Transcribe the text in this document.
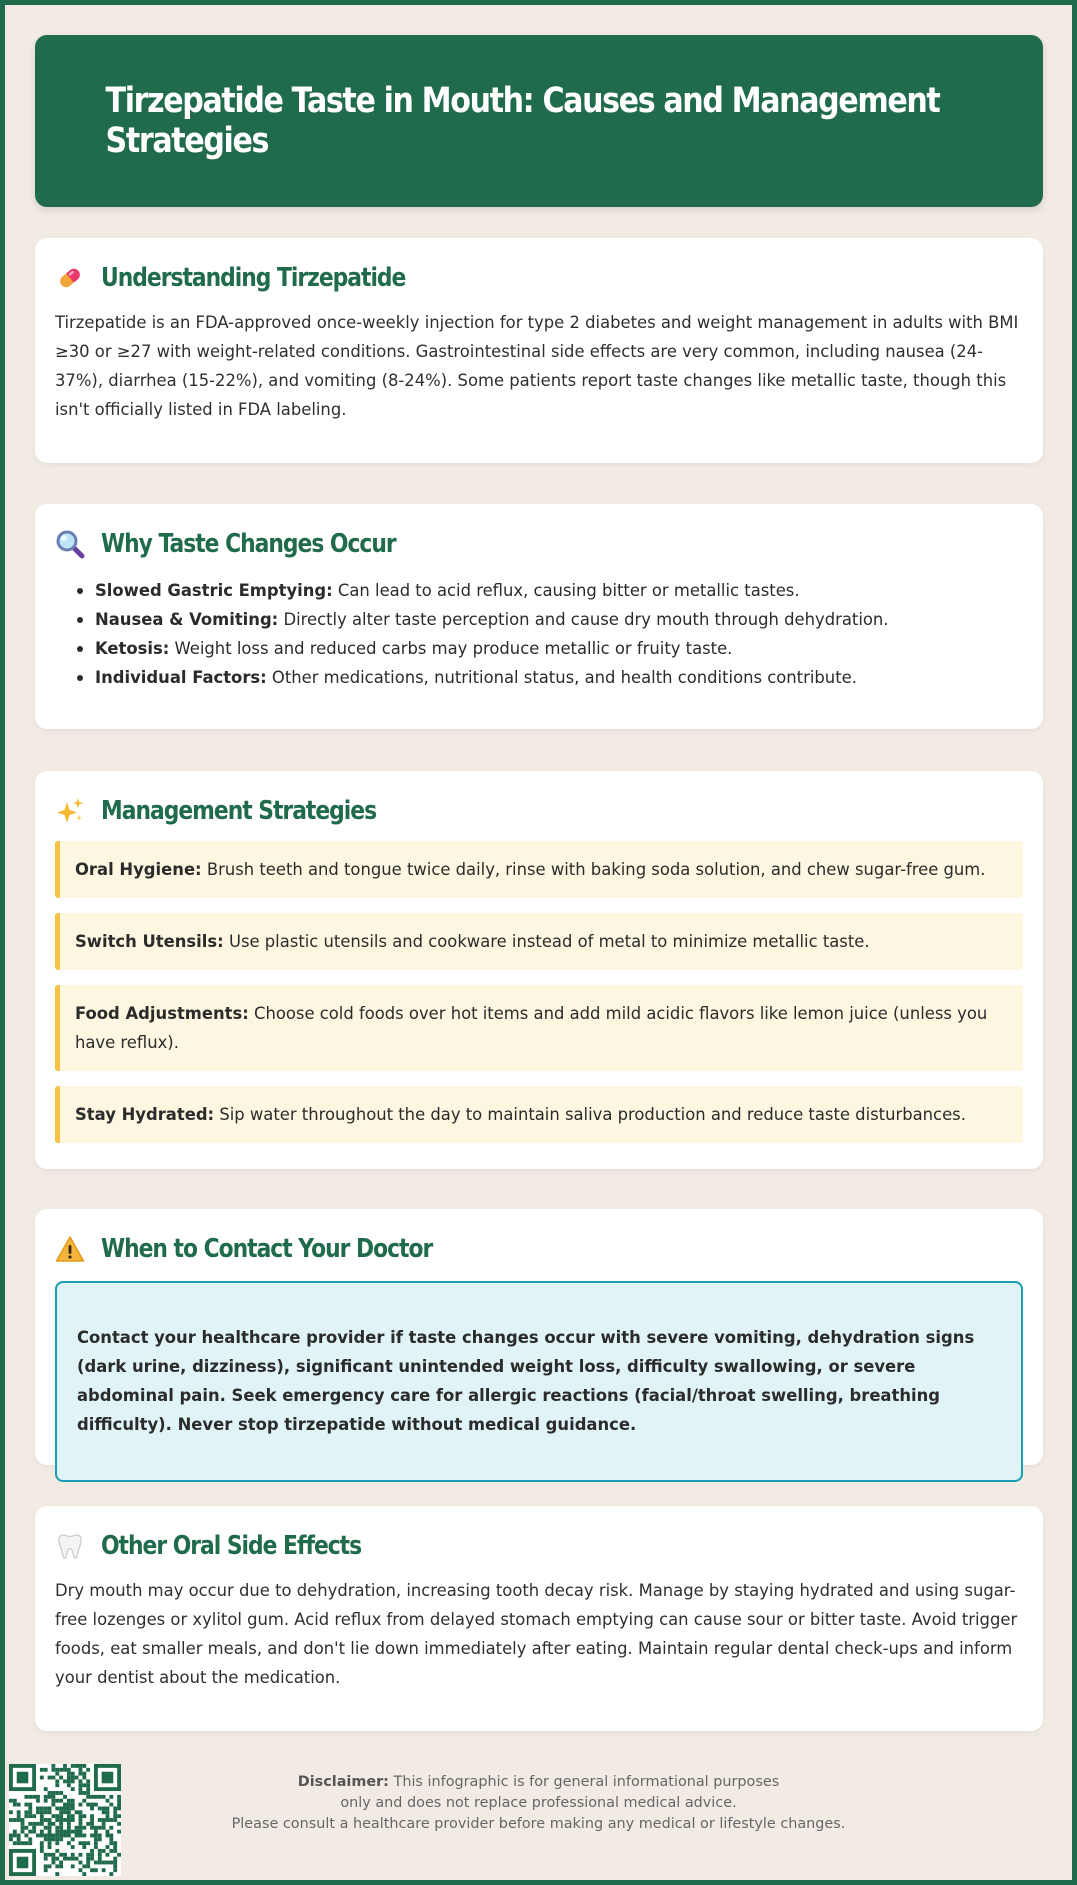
Tirzepatide Taste in Mouth: Causes and Management Strategies
Understanding Tirzepatide

Tirzepatide is an FDA-approved once-weekly injection for type 2 diabetes and weight management in adults with BMI ≥30 or ≥27 with weight-related conditions. Gastrointestinal side effects are very common, including nausea (24-37%), diarrhea (15-22%), and vomiting (8-24%). Some patients report taste changes like metallic taste, though this isn't officially listed in FDA labeling.

Why Taste Changes Occur
Slowed Gastric Emptying: Can lead to acid reflux, causing bitter or metallic tastes.
Nausea & Vomiting: Directly alter taste perception and cause dry mouth through dehydration.
Ketosis: Weight loss and reduced carbs may produce metallic or fruity taste.
Individual Factors: Other medications, nutritional status, and health conditions contribute.
Management Strategies
Oral Hygiene: Brush teeth and tongue twice daily, rinse with baking soda solution, and chew sugar-free gum.
Switch Utensils: Use plastic utensils and cookware instead of metal to minimize metallic taste.
Food Adjustments: Choose cold foods over hot items and add mild acidic flavors like lemon juice (unless you have reflux).
Stay Hydrated: Sip water throughout the day to maintain saliva production and reduce taste disturbances.
When to Contact Your Doctor
Contact your healthcare provider if taste changes occur with severe vomiting, dehydration signs (dark urine, dizziness), significant unintended weight loss, difficulty swallowing, or severe abdominal pain. Seek emergency care for allergic reactions (facial/throat swelling, breathing difficulty). Never stop tirzepatide without medical guidance.
Other Oral Side Effects

Dry mouth may occur due to dehydration, increasing tooth decay risk. Manage by staying hydrated and using sugar-free lozenges or xylitol gum. Acid reflux from delayed stomach emptying can cause sour or bitter taste. Avoid trigger foods, eat smaller meals, and don't lie down immediately after eating. Maintain regular dental check-ups and inform your dentist about the medication.

Disclaimer: This infographic is for general informational purposes
only and does not replace professional medical advice.
Please consult a healthcare provider before making any medical or lifestyle changes.
